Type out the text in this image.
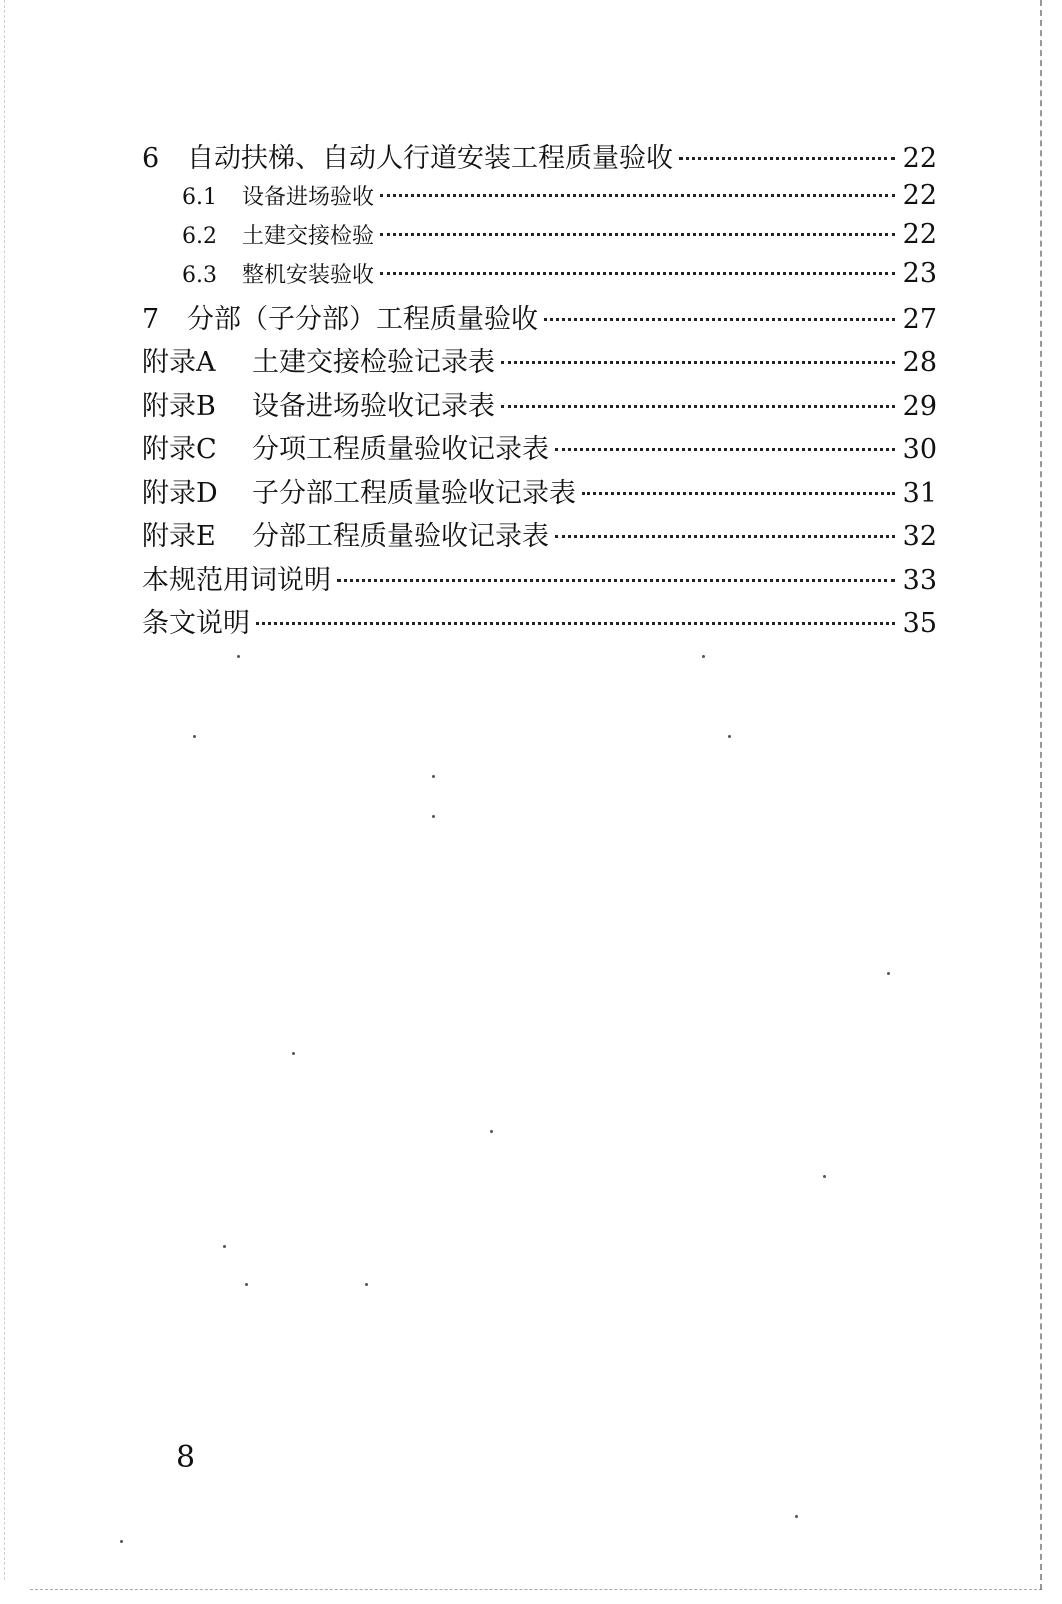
6	自动扶梯、自动人行道安装工程质量验收	22
6.1	设备进场验收	22
6.2	土建交接检验	22
6.3	整机安装验收	23
7	分部（子分部）工程质量验收	27
附录A	土建交接检验记录表	28
附录B	设备进场验收记录表	29
附录C	分项工程质量验收记录表	30
附录D	子分部工程质量验收记录表	31
附录E	分部工程质量验收记录表	32
本规范用词说明	33
条文说明	35
8
